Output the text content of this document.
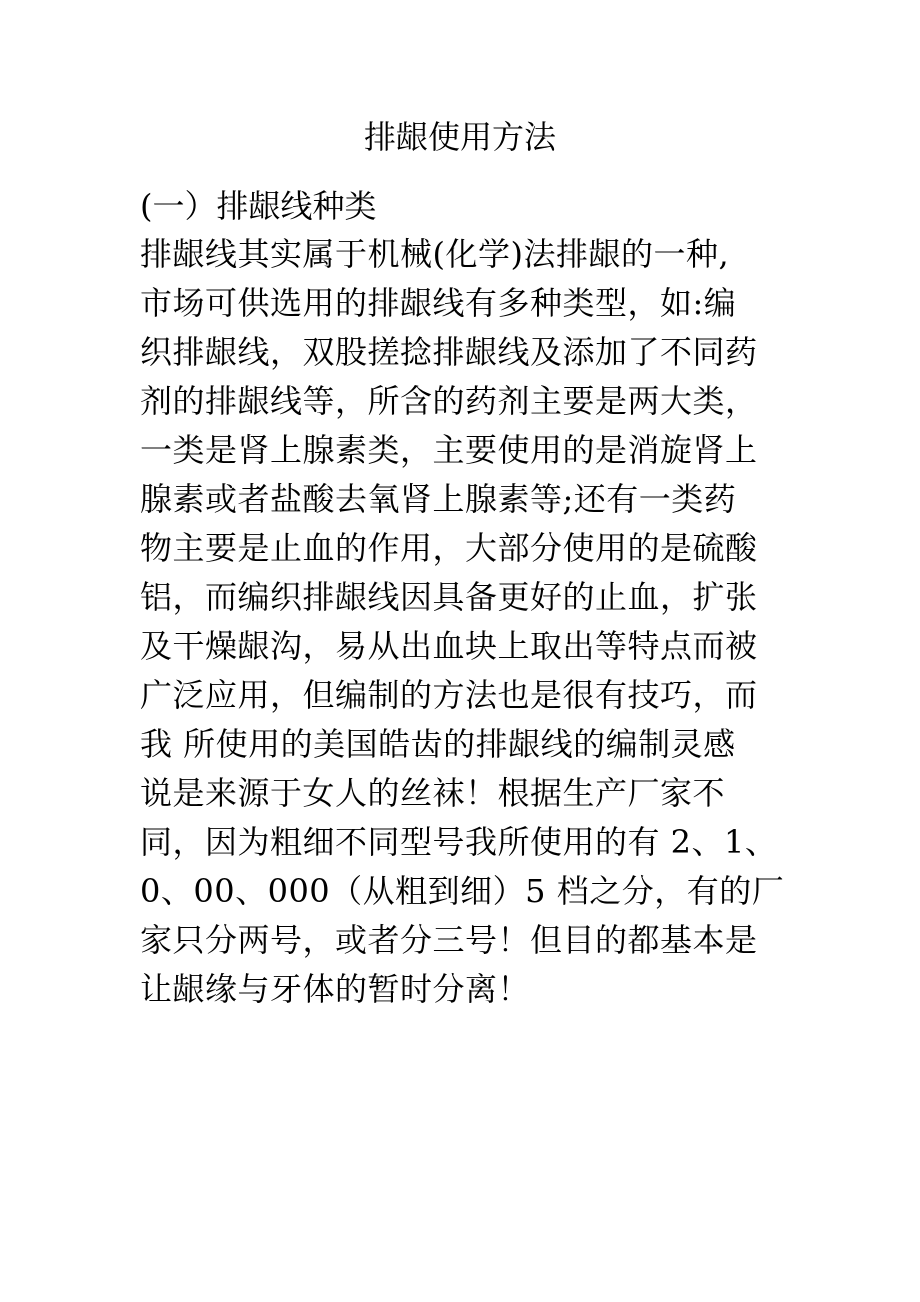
排龈使用方法
(一）排龈线种类
排龈线其实属于机械(化学)法排龈的一种,
市场可供选用的排龈线有多种类型，如:编
织排龈线，双股搓捻排龈线及添加了不同药
剂的排龈线等，所含的药剂主要是两大类，
一类是肾上腺素类，主要使用的是消旋肾上
腺素或者盐酸去氧肾上腺素等;还有一类药
物主要是止血的作用，大部分使用的是硫酸
铝，而编织排龈线因具备更好的止血，扩张
及干燥龈沟，易从出血块上取出等特点而被
广泛应用，但编制的方法也是很有技巧，而
我 所使用的美国皓齿的排龈线的编制灵感
说是来源于女人的丝袜！根据生产厂家不
同，因为粗细不同型号我所使用的有 2、1、
0、00、000（从粗到细）5 档之分，有的厂
家只分两号，或者分三号！但目的都基本是
让龈缘与牙体的暂时分离！
